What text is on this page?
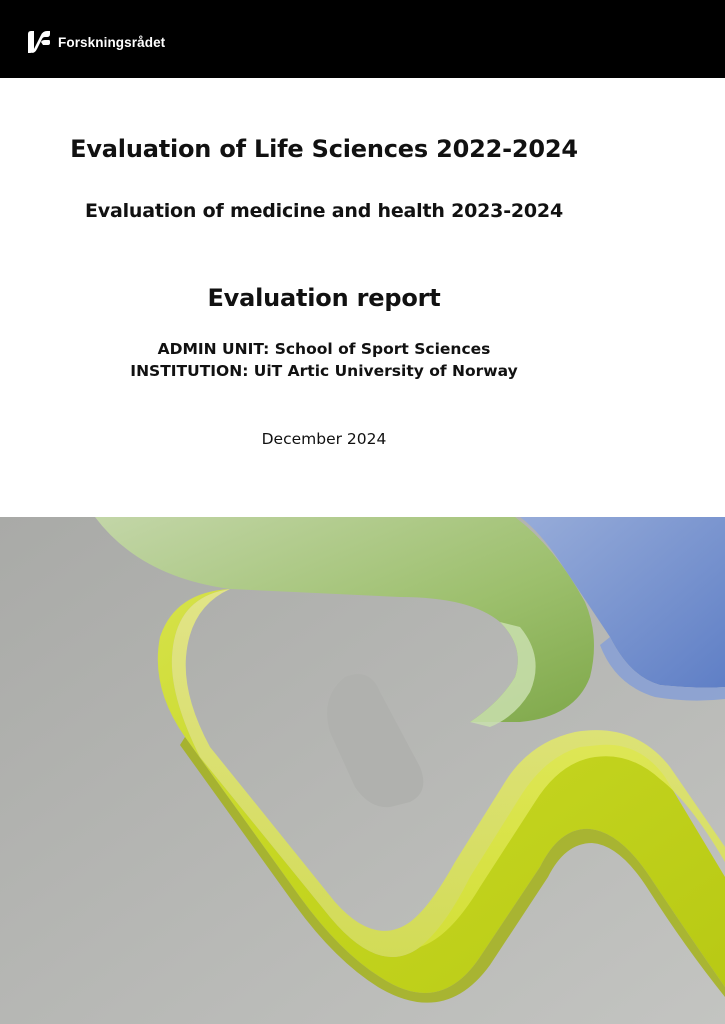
Forskningsrådet
Evaluation of Life Sciences 2022-2024
Evaluation of medicine and health 2023-2024
Evaluation report
ADMIN UNIT: School of Sport Sciences
INSTITUTION: UiT Artic University of Norway
December 2024
